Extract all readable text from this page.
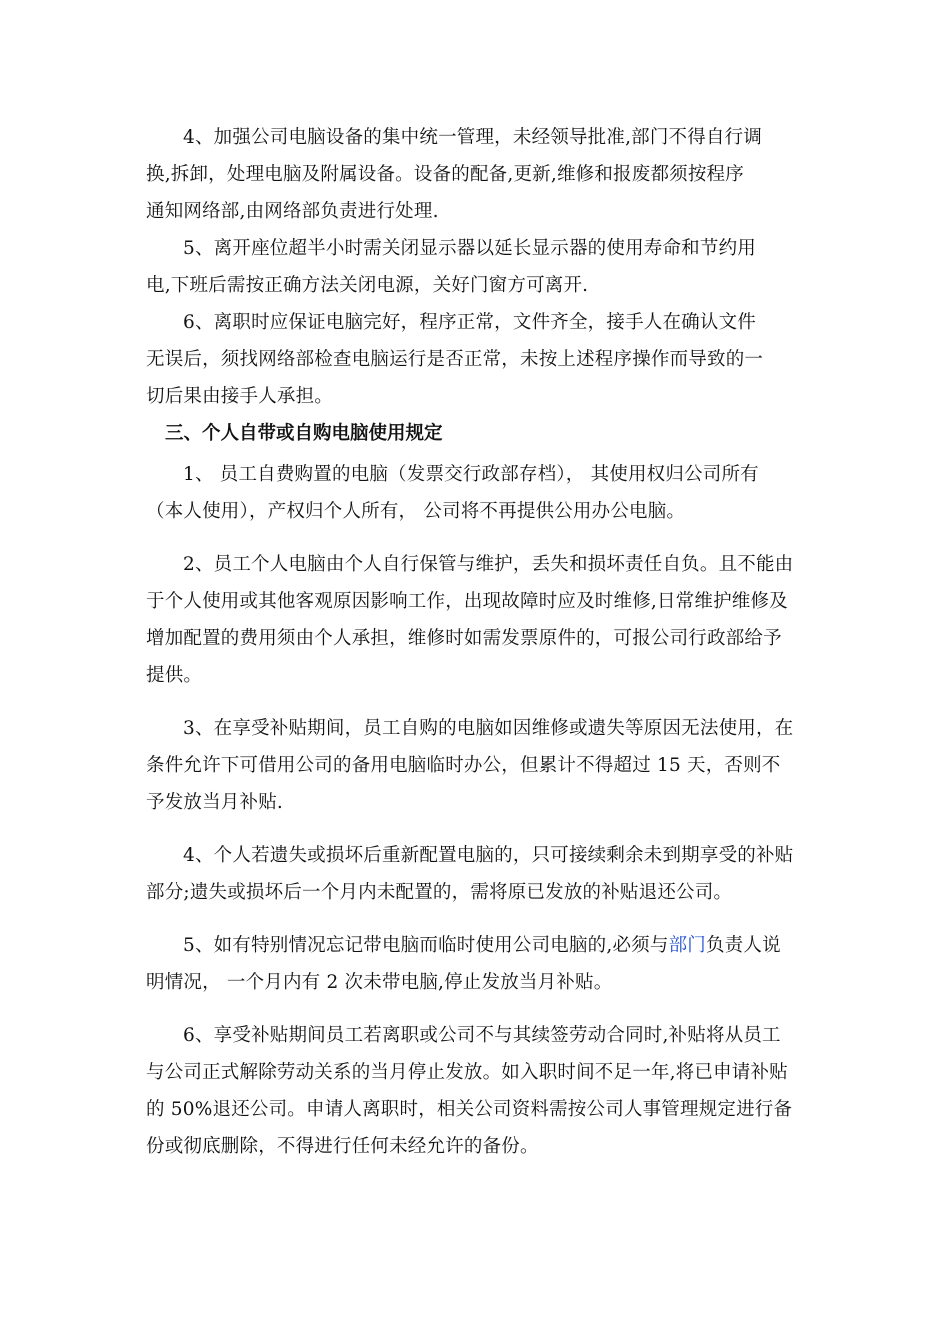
4、加强公司电脑设备的集中统一管理，未经领导批准,部门不得自行调
换,拆卸，处理电脑及附属设备。设备的配备,更新,维修和报废都须按程序
通知网络部,由网络部负责进行处理.
5、离开座位超半小时需关闭显示器以延长显示器的使用寿命和节约用
电,下班后需按正确方法关闭电源，关好门窗方可离开.
6、离职时应保证电脑完好，程序正常，文件齐全，接手人在确认文件
无误后，须找网络部检查电脑运行是否正常，未按上述程序操作而导致的一
切后果由接手人承担。
三、个人自带或自购电脑使用规定
1、 员工自费购置的电脑（发票交行政部存档）， 其使用权归公司所有
（本人使用），产权归个人所有， 公司将不再提供公用办公电脑。
2、员工个人电脑由个人自行保管与维护，丢失和损坏责任自负。且不能由
于个人使用或其他客观原因影响工作，出现故障时应及时维修,日常维护维修及
增加配置的费用须由个人承担，维修时如需发票原件的，可报公司行政部给予
提供。
3、在享受补贴期间，员工自购的电脑如因维修或遗失等原因无法使用，在
条件允许下可借用公司的备用电脑临时办公，但累计不得超过 15 天，否则不
予发放当月补贴.
4、个人若遗失或损坏后重新配置电脑的，只可接续剩余未到期享受的补贴
部分;遗失或损坏后一个月内未配置的，需将原已发放的补贴退还公司。
5、如有特别情况忘记带电脑而临时使用公司电脑的,必须与部门负责人说
明情况， 一个月内有 2 次未带电脑,停止发放当月补贴。
6、享受补贴期间员工若离职或公司不与其续签劳动合同时,补贴将从员工
与公司正式解除劳动关系的当月停止发放。如入职时间不足一年,将已申请补贴
的 50%退还公司。申请人离职时，相关公司资料需按公司人事管理规定进行备
份或彻底删除，不得进行任何未经允许的备份。
